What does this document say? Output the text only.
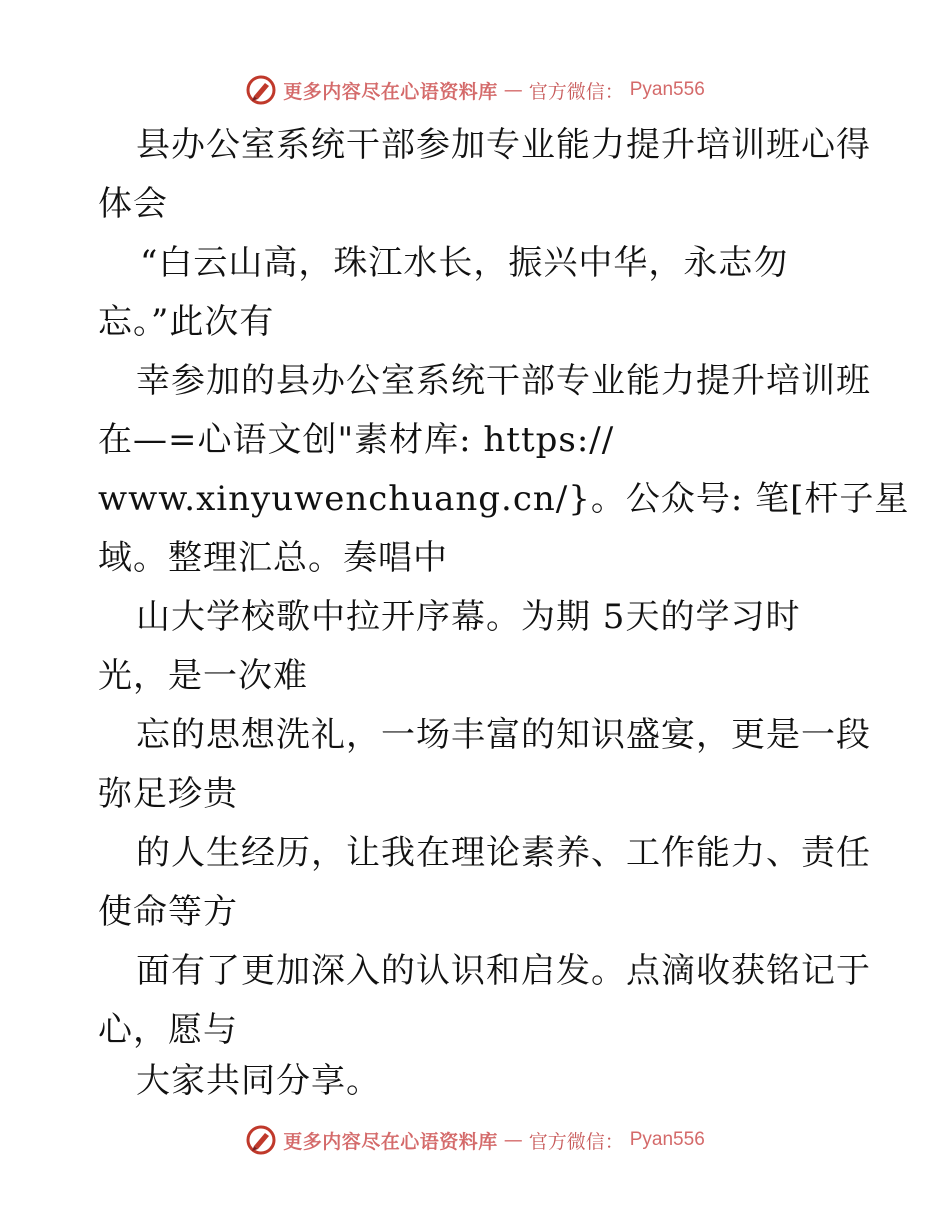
更多内容尽在心语资料库 — 官方微信： Pyan556
县办公室系统干部参加专业能力提升培训班心得
体会
“白云山高，珠江水长，振兴中华，永志勿
忘。”此次有
幸参加的县办公室系统干部专业能力提升培训班
在—=心语文创"素材库: https://
www.xinyuwenchuang.cn/}。公众号: 笔[杆子星
域。整理汇总。奏唱中
山大学校歌中拉开序幕。为期 5天的学习时
光，是一次难
忘的思想洗礼，一场丰富的知识盛宴，更是一段
弥足珍贵
的人生经历，让我在理论素养、工作能力、责任
使命等方
面有了更加深入的认识和启发。点滴收获铭记于
心，愿与
大家共同分享。
更多内容尽在心语资料库 — 官方微信： Pyan556
